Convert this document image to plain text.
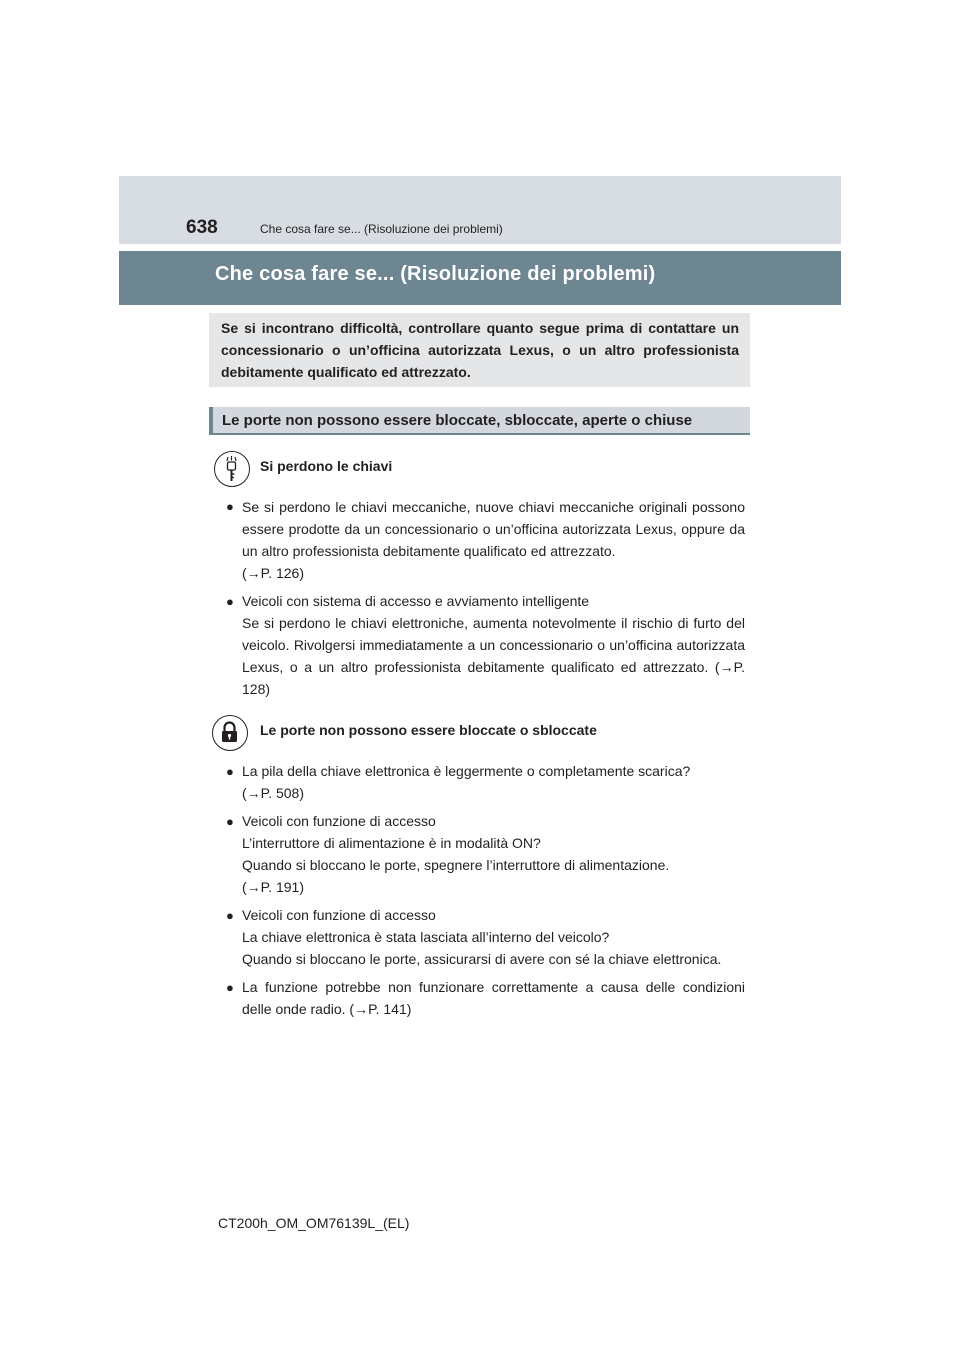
638	Che cosa fare se... (Risoluzione dei problemi)
Che cosa fare se... (Risoluzione dei problemi)
Se si incontrano difficoltà, controllare quanto segue prima di contattare un concessionario o un’officina autorizzata Lexus, o un altro professionista debitamente qualificato ed attrezzato.
Le porte non possono essere bloccate, sbloccate, aperte o chiuse
Si perdono le chiavi
● Se si perdono le chiavi meccaniche, nuove chiavi meccaniche originali possono essere prodotte da un concessionario o un’officina autorizzata Lexus, oppure da un altro professionista debitamente qualificato ed attrezzato.

(→P. 126)

● Veicoli con sistema di accesso e avviamento intelligente

Se si perdono le chiavi elettroniche, aumenta notevolmente il rischio di furto del veicolo. Rivolgersi immediatamente a un concessionario o un’officina autorizzata Lexus, o a un altro professionista debitamente qualificato ed attrezzato. (→P. 128)

Le porte non possono essere bloccate o sbloccate
● La pila della chiave elettronica è leggermente o completamente scarica?

(→P. 508)

● Veicoli con funzione di accesso

L’interruttore di alimentazione è in modalità ON?

Quando si bloccano le porte, spegnere l’interruttore di alimentazione.

(→P. 191)

● Veicoli con funzione di accesso

La chiave elettronica è stata lasciata all’interno del veicolo?

Quando si bloccano le porte, assicurarsi di avere con sé la chiave elettronica.

● La funzione potrebbe non funzionare correttamente a causa delle condizioni delle onde radio. (→P. 141)

CT200h_OM_OM76139L_(EL)
